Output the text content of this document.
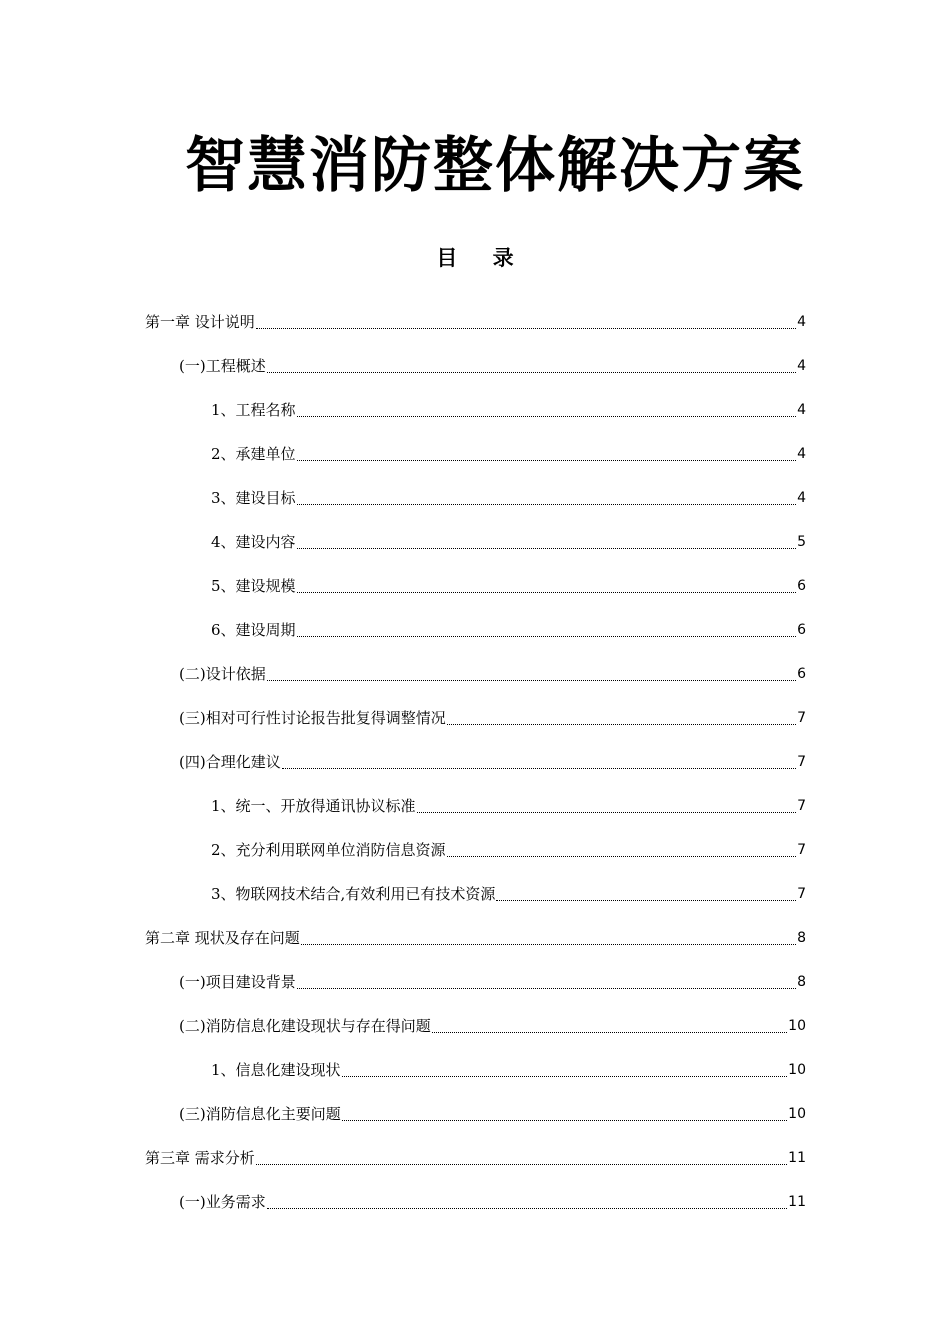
智慧消防整体解决方案
目 录
第一章 设计说明	4
(一)工程概述	4
1、工程名称	4
2、承建单位	4
3、建设目标	4
4、建设内容	5
5、建设规模	6
6、建设周期	6
(二)设计依据	6
(三)相对可行性讨论报告批复得调整情况	7
(四)合理化建议	7
1、统一、开放得通讯协议标准	7
2、充分利用联网单位消防信息资源	7
3、物联网技术结合,有效利用已有技术资源	7
第二章 现状及存在问题	8
(一)项目建设背景	8
(二)消防信息化建设现状与存在得问题	10
1、信息化建设现状	10
(三)消防信息化主要问题	10
第三章 需求分析	11
(一)业务需求	11
